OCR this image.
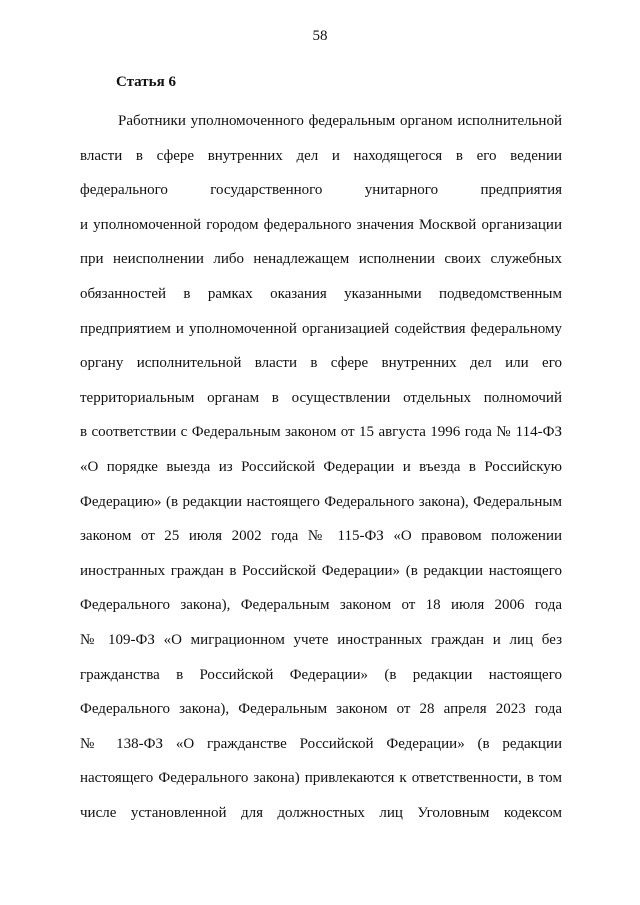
58
Статья 6
Работники уполномоченного федеральным органом исполнительной
власти в сфере внутренних дел и находящегося в его ведении
федерального государственного унитарного предприятия
и уполномоченной городом федерального значения Москвой организации
при неисполнении либо ненадлежащем исполнении своих служебных
обязанностей в рамках оказания указанными подведомственным
предприятием и уполномоченной организацией содействия федеральному
органу исполнительной власти в сфере внутренних дел или его
территориальным органам в осуществлении отдельных полномочий
в соответствии с Федеральным законом от 15 августа 1996 года № 114-ФЗ
«О порядке выезда из Российской Федерации и въезда в Российскую
Федерацию» (в редакции настоящего Федерального закона), Федеральным
законом от 25 июля 2002 года № 115-ФЗ «О правовом положении
иностранных граждан в Российской Федерации» (в редакции настоящего
Федерального закона), Федеральным законом от 18 июля 2006 года
№ 109-ФЗ «О миграционном учете иностранных граждан и лиц без
гражданства в Российской Федерации» (в редакции настоящего
Федерального закона), Федеральным законом от 28 апреля 2023 года
№ 138-ФЗ «О гражданстве Российской Федерации» (в редакции
настоящего Федерального закона) привлекаются к ответственности, в том
числе установленной для должностных лиц Уголовным кодексом
